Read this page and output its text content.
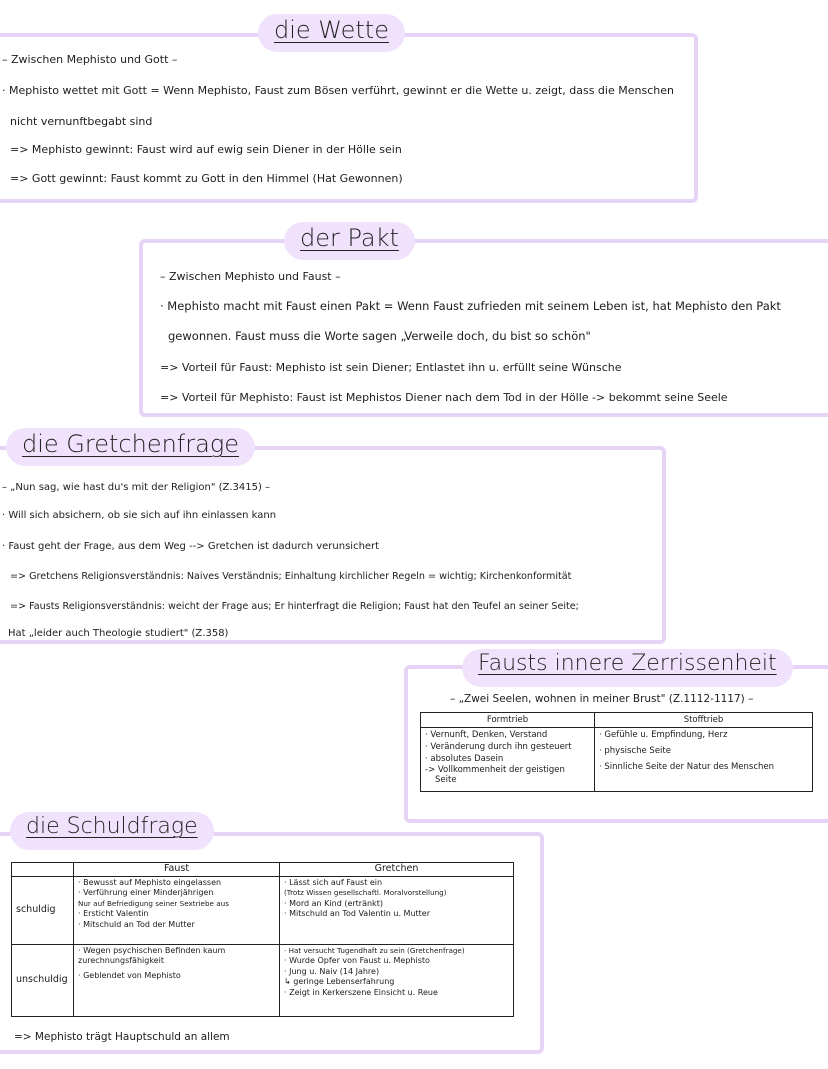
die Wette
– Zwischen Mephisto und Gott –
· Mephisto wettet mit Gott = Wenn Mephisto, Faust zum Bösen verführt, gewinnt er die Wette u. zeigt, dass die Menschen
nicht vernunftbegabt sind
=> Mephisto gewinnt: Faust wird auf ewig sein Diener in der Hölle sein
=> Gott gewinnt: Faust kommt zu Gott in den Himmel (Hat Gewonnen)
der Pakt
– Zwischen Mephisto und Faust –
· Mephisto macht mit Faust einen Pakt = Wenn Faust zufrieden mit seinem Leben ist, hat Mephisto den Pakt
gewonnen. Faust muss die Worte sagen „Verweile doch, du bist so schön"
=> Vorteil für Faust: Mephisto ist sein Diener; Entlastet ihn u. erfüllt seine Wünsche
=> Vorteil für Mephisto: Faust ist Mephistos Diener nach dem Tod in der Hölle -> bekommt seine Seele
die Gretchenfrage
– „Nun sag, wie hast du's mit der Religion" (Z.3415) –
· Will sich absichern, ob sie sich auf ihn einlassen kann
· Faust geht der Frage, aus dem Weg --> Gretchen ist dadurch verunsichert
=> Gretchens Religionsverständnis: Naives Verständnis; Einhaltung kirchlicher Regeln = wichtig; Kirchenkonformität
=> Fausts Religionsverständnis: weicht der Frage aus; Er hinterfragt die Religion; Faust hat den Teufel an seiner Seite;
Hat „leider auch Theologie studiert" (Z.358)
Fausts innere Zerrissenheit
– „Zwei Seelen, wohnen in meiner Brust" (Z.1112-1117) –
Formtrieb	Stofftrieb

· Vernunft, Denken, Verstand
· Veränderung durch ihn gesteuert
· absolutes Dasein
-> Vollkommenheit der geistigen
Seite	· Gefühle u. Empfindung, Herz
· physische Seite
· Sinnliche Seite der Natur des Menschen
die Schuldfrage
	Faust	Gretchen
schuldig	· Bewusst auf Mephisto eingelassen
· Verführung einer Minderjährigen
Nur auf Befriedigung seiner Sextriebe aus
· Ersticht Valentin
· Mitschuld an Tod der Mutter	· Lässt sich auf Faust ein
(Trotz Wissen gesellschaftl. Moralvorstellung)
· Mord an Kind (ertränkt)
· Mitschuld an Tod Valentin u. Mutter

unschuldig	· Wegen psychischen Befinden kaum
zurechnungsfähigkeit
· Geblendet von Mephisto	· Hat versucht Tugendhaft zu sein (Gretchenfrage)
· Wurde Opfer von Faust u. Mephisto
· Jung u. Naiv (14 Jahre)
↳ geringe Lebenserfahrung
· Zeigt in Kerkerszene Einsicht u. Reue
=> Mephisto trägt Hauptschuld an allem
